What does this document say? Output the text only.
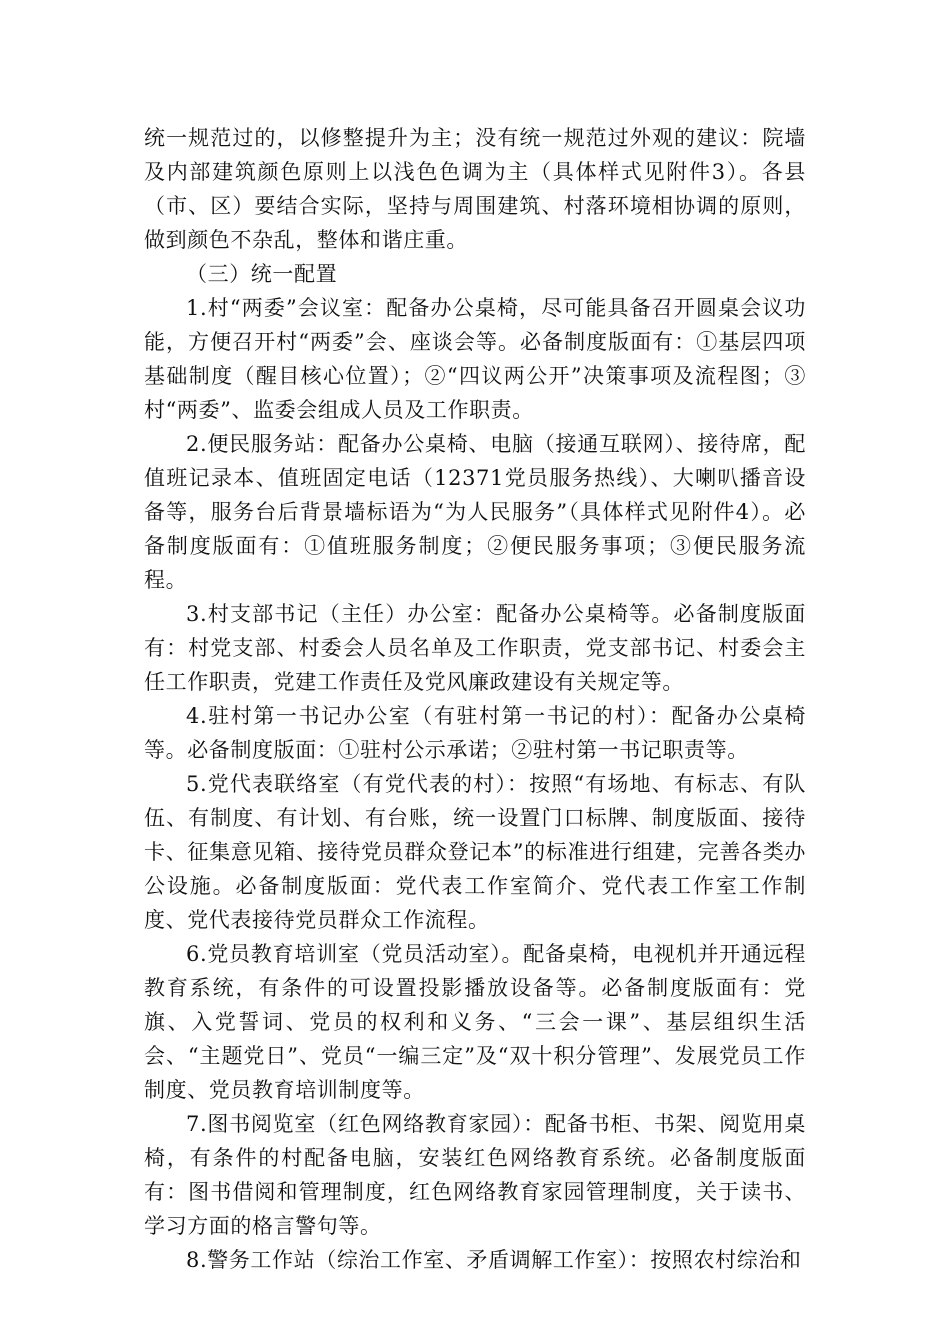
统一规范过的，以修整提升为主；没有统一规范过外观的建议：院墙及内部建筑颜色原则上以浅色色调为主（具体样式见附件3）。各县（市、区）要结合实际，坚持与周围建筑、村落环境相协调的原则，做到颜色不杂乱，整体和谐庄重。

（三）统一配置

1.村“两委”会议室：配备办公桌椅，尽可能具备召开圆桌会议功能，方便召开村“两委”会、座谈会等。必备制度版面有：①基层四项基础制度（醒目核心位置）；②“四议两公开”决策事项及流程图；③村“两委”、监委会组成人员及工作职责。

2.便民服务站：配备办公桌椅、电脑（接通互联网）、接待席，配值班记录本、值班固定电话（12371党员服务热线）、大喇叭播音设备等，服务台后背景墙标语为“为人民服务”（具体样式见附件4）。必备制度版面有：①值班服务制度；②便民服务事项；③便民服务流程。

3.村支部书记（主任）办公室：配备办公桌椅等。必备制度版面有：村党支部、村委会人员名单及工作职责，党支部书记、村委会主任工作职责，党建工作责任及党风廉政建设有关规定等。

4.驻村第一书记办公室（有驻村第一书记的村）：配备办公桌椅等。必备制度版面：①驻村公示承诺；②驻村第一书记职责等。

5.党代表联络室（有党代表的村）：按照“有场地、有标志、有队伍、有制度、有计划、有台账，统一设置门口标牌、制度版面、接待卡、征集意见箱、接待党员群众登记本”的标准进行组建，完善各类办公设施。必备制度版面：党代表工作室简介、党代表工作室工作制度、党代表接待党员群众工作流程。

6.党员教育培训室（党员活动室）。配备桌椅，电视机并开通远程教育系统，有条件的可设置投影播放设备等。必备制度版面有：党旗、入党誓词、党员的权利和义务、“三会一课”、基层组织生活会、“主题党日”、党员“一编三定”及“双十积分管理”、发展党员工作制度、党员教育培训制度等。

7.图书阅览室（红色网络教育家园）：配备书柜、书架、阅览用桌椅，有条件的村配备电脑，安装红色网络教育系统。必备制度版面有：图书借阅和管理制度，红色网络教育家园管理制度，关于读书、学习方面的格言警句等。

8.警务工作站（综治工作室、矛盾调解工作室）：按照农村综治和
